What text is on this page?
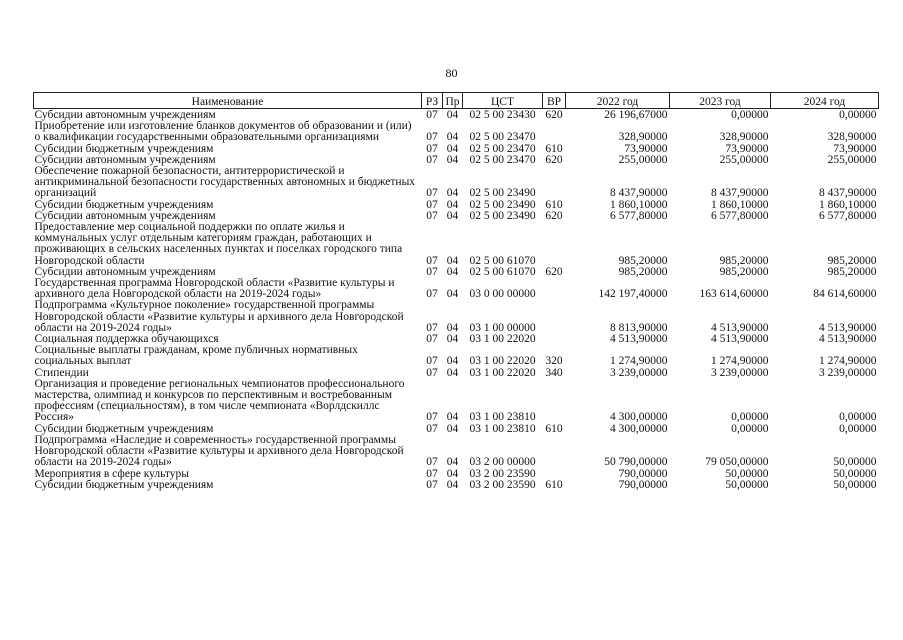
80
Наименование	РЗ	Пр	ЦСТ	ВР	2022 год	2023 год	2024 год
Субсидии автономным учреждениям	07	04	02 5 00 23430	620	26 196,67000	0,00000	0,00000
Приобретение или изготовление бланков документов об образовании и (или) о квалификации государственными образовательными организациями	07	04	02 5 00 23470		328,90000	328,90000	328,90000
Субсидии бюджетным учреждениям	07	04	02 5 00 23470	610	73,90000	73,90000	73,90000
Субсидии автономным учреждениям	07	04	02 5 00 23470	620	255,00000	255,00000	255,00000
Обеспечение пожарной безопасности, антитеррористической и антикриминальной безопасности государственных автономных и бюджетных организаций	07	04	02 5 00 23490		8 437,90000	8 437,90000	8 437,90000
Субсидии бюджетным учреждениям	07	04	02 5 00 23490	610	1 860,10000	1 860,10000	1 860,10000
Субсидии автономным учреждениям	07	04	02 5 00 23490	620	6 577,80000	6 577,80000	6 577,80000
Предоставление мер социальной поддержки по оплате жилья и коммунальных услуг отдельным категориям граждан, работающих и проживающих в сельских населенных пунктах и поселках городского типа Новгородской области	07	04	02 5 00 61070		985,20000	985,20000	985,20000
Субсидии автономным учреждениям	07	04	02 5 00 61070	620	985,20000	985,20000	985,20000
Государственная программа Новгородской области «Развитие культуры и архивного дела Новгородской области на 2019-2024 годы»	07	04	03 0 00 00000		142 197,40000	163 614,60000	84 614,60000
Подпрограмма «Культурное поколение» государственной программы Новгородской области «Развитие культуры и архивного дела Новгородской области на 2019-2024 годы»	07	04	03 1 00 00000		8 813,90000	4 513,90000	4 513,90000
Социальная поддержка обучающихся	07	04	03 1 00 22020		4 513,90000	4 513,90000	4 513,90000
Социальные выплаты гражданам, кроме публичных нормативных социальных выплат	07	04	03 1 00 22020	320	1 274,90000	1 274,90000	1 274,90000
Стипендии	07	04	03 1 00 22020	340	3 239,00000	3 239,00000	3 239,00000
Организация и проведение региональных чемпионатов профессионального мастерства, олимпиад и конкурсов по перспективным и востребованным профессиям (специальностям), в том числе чемпионата «Ворлдскиллс Россия»	07	04	03 1 00 23810		4 300,00000	0,00000	0,00000
Субсидии бюджетным учреждениям	07	04	03 1 00 23810	610	4 300,00000	0,00000	0,00000
Подпрограмма «Наследие и современность» государственной программы Новгородской области «Развитие культуры и архивного дела Новгородской области на 2019-2024 годы»	07	04	03 2 00 00000		50 790,00000	79 050,00000	50,00000
Мероприятия в сфере культуры	07	04	03 2 00 23590		790,00000	50,00000	50,00000
Субсидии бюджетным учреждениям	07	04	03 2 00 23590	610	790,00000	50,00000	50,00000
